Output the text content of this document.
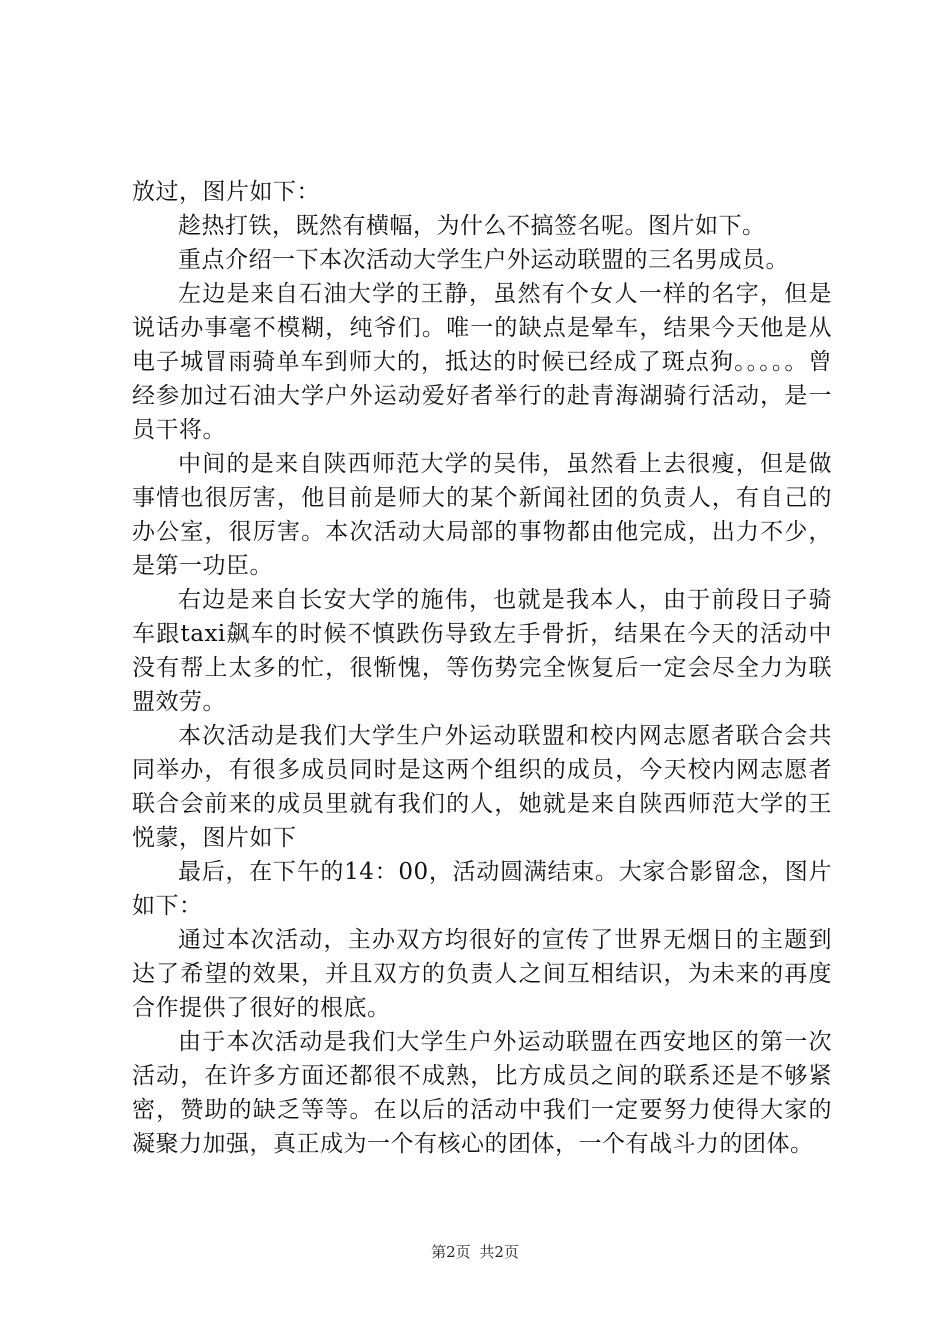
放过，图片如下：

趁热打铁，既然有横幅，为什么不搞签名呢。图片如下。

重点介绍一下本次活动大学生户外运动联盟的三名男成员。

左边是来自石油大学的王静，虽然有个女人一样的名字，但是说话办事毫不模糊，纯爷们。唯一的缺点是晕车，结果今天他是从电子城冒雨骑单车到师大的，抵达的时候已经成了斑点狗。。。。。曾经参加过石油大学户外运动爱好者举行的赴青海湖骑行活动，是一员干将。

中间的是来自陕西师范大学的吴伟，虽然看上去很瘦，但是做事情也很厉害，他目前是师大的某个新闻社团的负责人，有自己的办公室，很厉害。本次活动大局部的事物都由他完成，出力不少，是第一功臣。

右边是来自长安大学的施伟，也就是我本人，由于前段日子骑车跟taxi飙车的时候不慎跌伤导致左手骨折，结果在今天的活动中没有帮上太多的忙，很惭愧，等伤势完全恢复后一定会尽全力为联盟效劳。

本次活动是我们大学生户外运动联盟和校内网志愿者联合会共同举办，有很多成员同时是这两个组织的成员，今天校内网志愿者联合会前来的成员里就有我们的人，她就是来自陕西师范大学的王悦蒙，图片如下

最后，在下午的14：00，活动圆满结束。大家合影留念，图片如下：

通过本次活动，主办双方均很好的宣传了世界无烟日的主题到达了希望的效果，并且双方的负责人之间互相结识，为未来的再度合作提供了很好的根底。

由于本次活动是我们大学生户外运动联盟在西安地区的第一次活动，在许多方面还都很不成熟，比方成员之间的联系还是不够紧密，赞助的缺乏等等。在以后的活动中我们一定要努力使得大家的凝聚力加强，真正成为一个有核心的团体，一个有战斗力的团体。

第2页 共2页
